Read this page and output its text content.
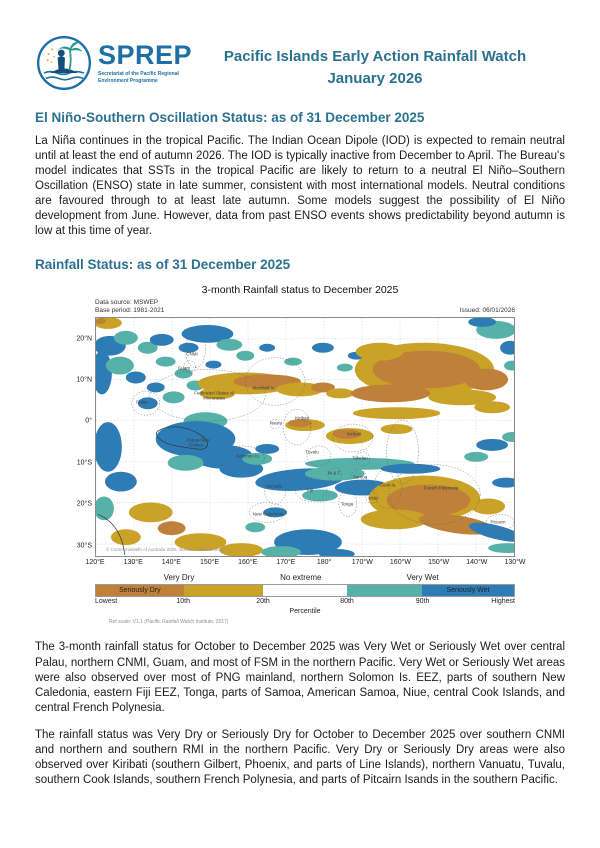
SPREP
Secretariat of the Pacific Regional
Environment Programme
Pacific Islands Early Action Rainfall Watch
January 2026
El Niño-Southern Oscillation Status: as of 31 December 2025

La Niña continues in the tropical Pacific. The Indian Ocean Dipole (IOD) is expected to remain neutral until at least the end of autumn 2026. The IOD is typically inactive from December to April. The Bureau's model indicates that SSTs in the tropical Pacific are likely to return to a neutral El Niño–Southern Oscillation (ENSO) state in late summer, consistent with most international models. Neutral conditions are favoured through to at least late autumn. Some models suggest the possibility of El Niño development from June. However, data from past ENSO events shows predictability beyond autumn is low at this time of year.

Rainfall Status: as of 31 December 2025
3-month Rainfall status to December 2025
Data source: MSWEP
Base period: 1981-2021	Issued: 06/01/2026
20°N
10°N
0°
10°S
20°S
30°S
CNMI
Guam
Palau
Federated States of
Micronesia
Marshall Is.
Papua New
Guinea
Nauru
Kiribati
Kiribati
Solomon Is.
Tuvalu
Tokelau
W & F
Samoa
Fiji
Vanuatu
New Caledonia
Tonga
Niue
Cook Is.
French Polynesia
Pitcairn
© Commonwealth of Australia 2026, Bureau of Meteorology
120°E	130°E	140°E	150°E	160°E	170°E	180°	170°W 160°W 150°W 140°W 130°W
Very Dry	No extreme	Very Wet
Seriously Dry	Seriously Wet
Lowest	10th	20th	80th	90th	Highest
Percentile
Ref scale: V1.1 (Pacific Rainfall Watch Institute, 2017)

The 3-month rainfall status for October to December 2025 was Very Wet or Seriously Wet over central Palau, northern CNMI, Guam, and most of FSM in the northern Pacific. Very Wet or Seriously Wet areas were also observed over most of PNG mainland, northern Solomon Is. EEZ, parts of southern New Caledonia, eastern Fiji EEZ, Tonga, parts of Samoa, American Samoa, Niue, central Cook Islands, and central French Polynesia.

The rainfall status was Very Dry or Seriously Dry for October to December 2025 over southern CNMI and northern and southern RMI in the northern Pacific. Very Dry or Seriously Dry areas were also observed over Kiribati (southern Gilbert, Phoenix, and parts of Line Islands), northern Vanuatu, Tuvalu, southern Cook Islands, southern French Polynesia, and parts of Pitcairn Isands in the southern Pacific.
